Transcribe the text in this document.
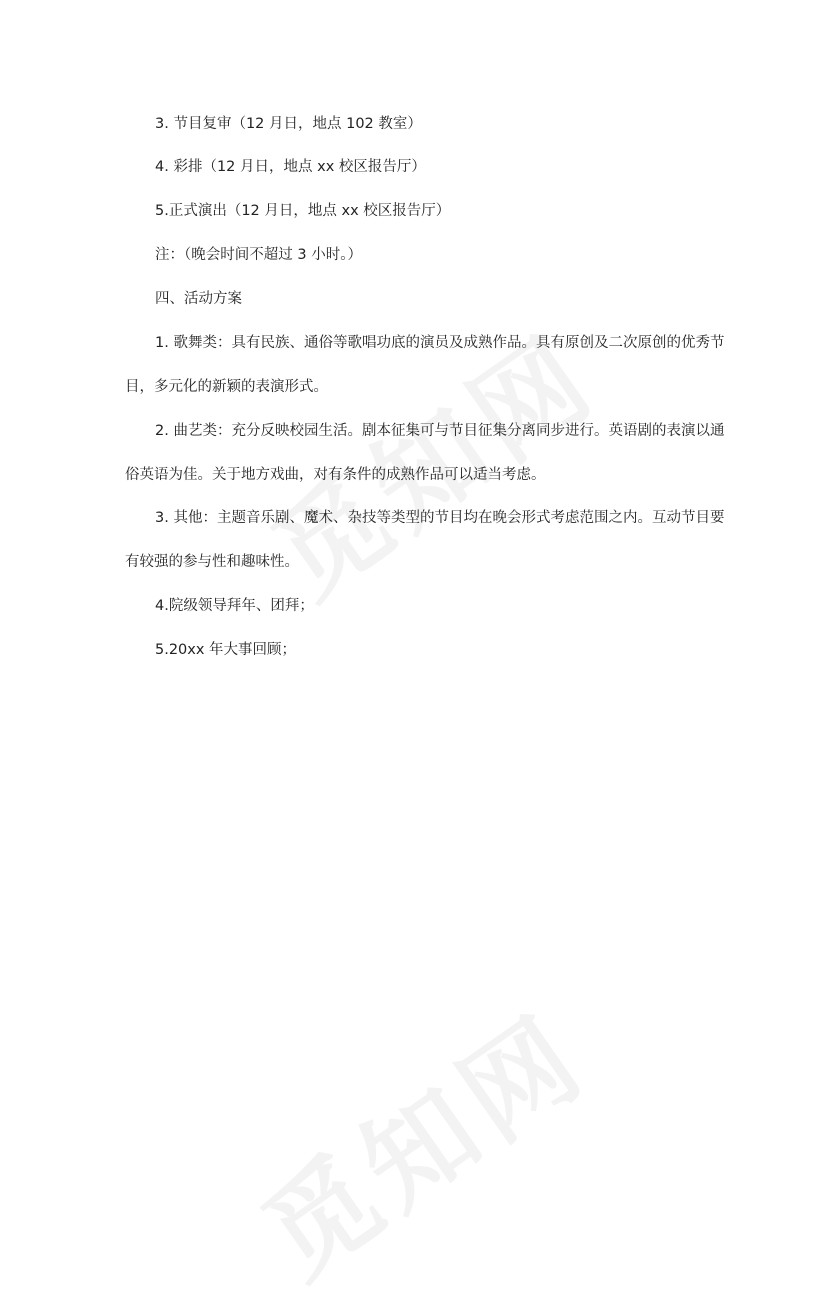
3. 节目复审（12 月日，地点 102 教室）
4. 彩排（12 月日，地点 xx 校区报告厅）
5.正式演出（12 月日，地点 xx 校区报告厅）
注：（晚会时间不超过 3 小时。）
四、活动方案
1. 歌舞类：具有民族、通俗等歌唱功底的演员及成熟作品。具有原创及二次原创的优秀节
目，多元化的新颖的表演形式。
2. 曲艺类：充分反映校园生活。剧本征集可与节目征集分离同步进行。英语剧的表演以通
俗英语为佳。关于地方戏曲，对有条件的成熟作品可以适当考虑。
3. 其他：主题音乐剧、魔术、杂技等类型的节目均在晚会形式考虑范围之内。互动节目要
有较强的参与性和趣味性。
4.院级领导拜年、团拜；
5.20xx 年大事回顾；
